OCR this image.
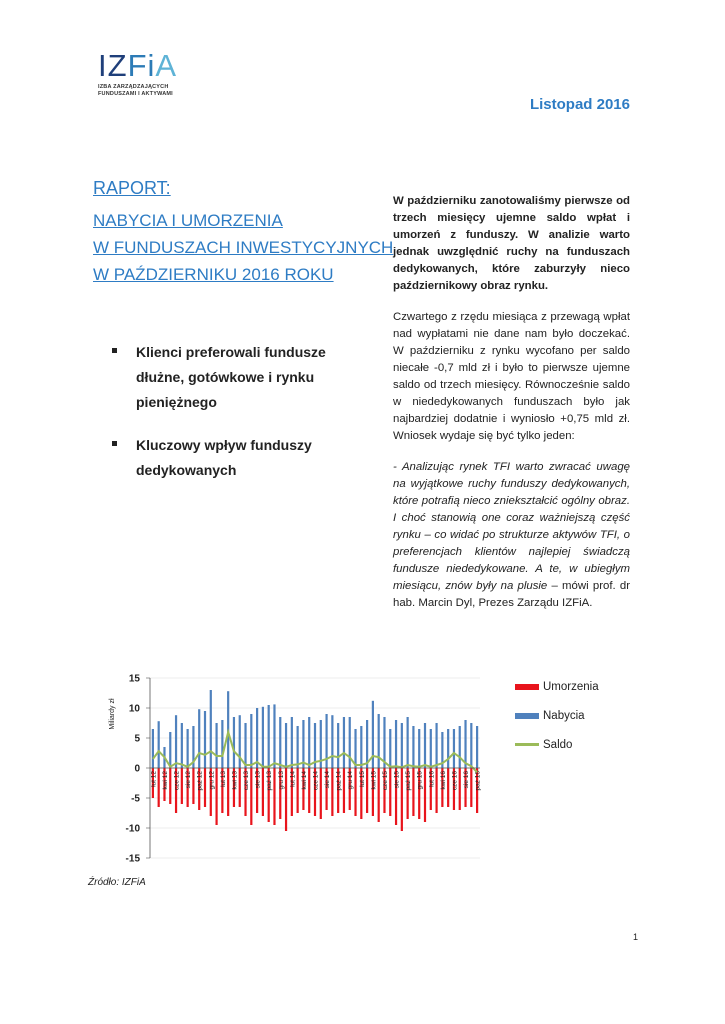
IZFiA
IZBA ZARZĄDZAJĄCYCH
FUNDUSZAMI I AKTYWAMI
Listopad 2016
RAPORT:
NABYCIA I UMORZENIA
W FUNDUSZACH INWESTYCYJNYCH
W PAŹDZIERNIKU 2016 ROKU
Klienci preferowali fundusze dłużne, gotówkowe i rynku pieniężnego
Kluczowy wpływ funduszy dedykowanych

W październiku zanotowaliśmy pierwsze od trzech miesięcy ujemne saldo wpłat i umorzeń z funduszy. W analizie warto jednak uwzględnić ruchy na funduszach dedykowanych, które zaburzyły nieco październikowy obraz rynku.

Czwartego z rzędu miesiąca z przewagą wpłat nad wypłatami nie dane nam było doczekać. W październiku z rynku wycofano per saldo niecałe -0,7 mld zł i było to pierwsze ujemne saldo od trzech miesięcy. Równocześnie saldo w niededykowanych funduszach było jak najbardziej dodatnie i wyniosło +0,75 mld zł. Wniosek wydaje się być tylko jeden:

- Analizując rynek TFI warto zwracać uwagę na wyjątkowe ruchy funduszy dedykowanych, które potrafią nieco zniekształcić ogólny obraz. I choć stanowią one coraz ważniejszą część rynku – co widać po strukturze aktywów TFI, o preferencjach klientów najlepiej świadczą fundusze niededykowane. A te, w ubiegłym miesiącu, znów były na plusie – mówi prof. dr hab. Marcin Dyl, Prezes Zarządu IZFiA.

15
10
5
0
-5
-10
-15
Miliardy zł
lut 12 kwi 12 cze 12 sie 12 paź 12 gru 12 lut 13 kwi 13 cze 13 sie 13 paź 13 gru 13 lut 14 kwi 14 cze 14 sie 14 paź 14 gru 14 lut 15 kwi 15 cze 15 sie 15 paź 15 gru 15 lut 16 kwi 16 cze 16 sie 16 paź 16
Umorzenia
Nabycia
Saldo
Źródło: IZFiA
1
